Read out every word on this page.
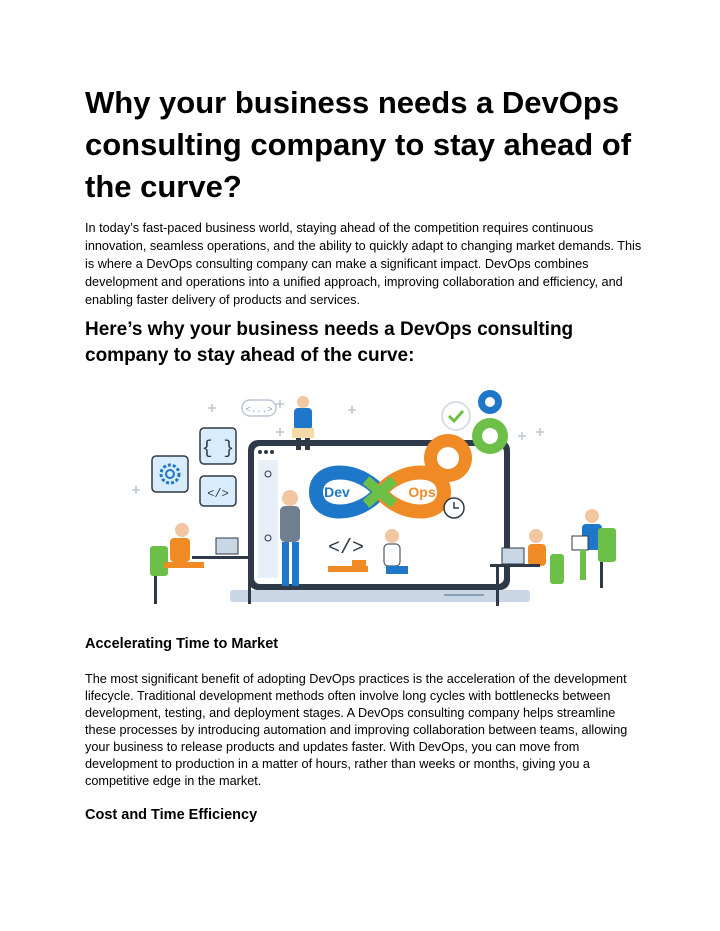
Why your business needs a DevOps consulting company to stay ahead of the curve?

In today’s fast-paced business world, staying ahead of the competition requires continuous innovation, seamless operations, and the ability to quickly adapt to changing market demands. This is where a DevOps consulting company can make a significant impact. DevOps combines development and operations into a unified approach, improving collaboration and efficiency, and enabling faster delivery of products and services.

Here’s why your business needs a DevOps consulting company to stay ahead of the curve:
<...>
{ }
</>	Dev	Ops
</>
Accelerating Time to Market

The most significant benefit of adopting DevOps practices is the acceleration of the development lifecycle. Traditional development methods often involve long cycles with bottlenecks between development, testing, and deployment stages. A DevOps consulting company helps streamline these processes by introducing automation and improving collaboration between teams, allowing your business to release products and updates faster. With DevOps, you can move from development to production in a matter of hours, rather than weeks or months, giving you a competitive edge in the market.

Cost and Time Efficiency
